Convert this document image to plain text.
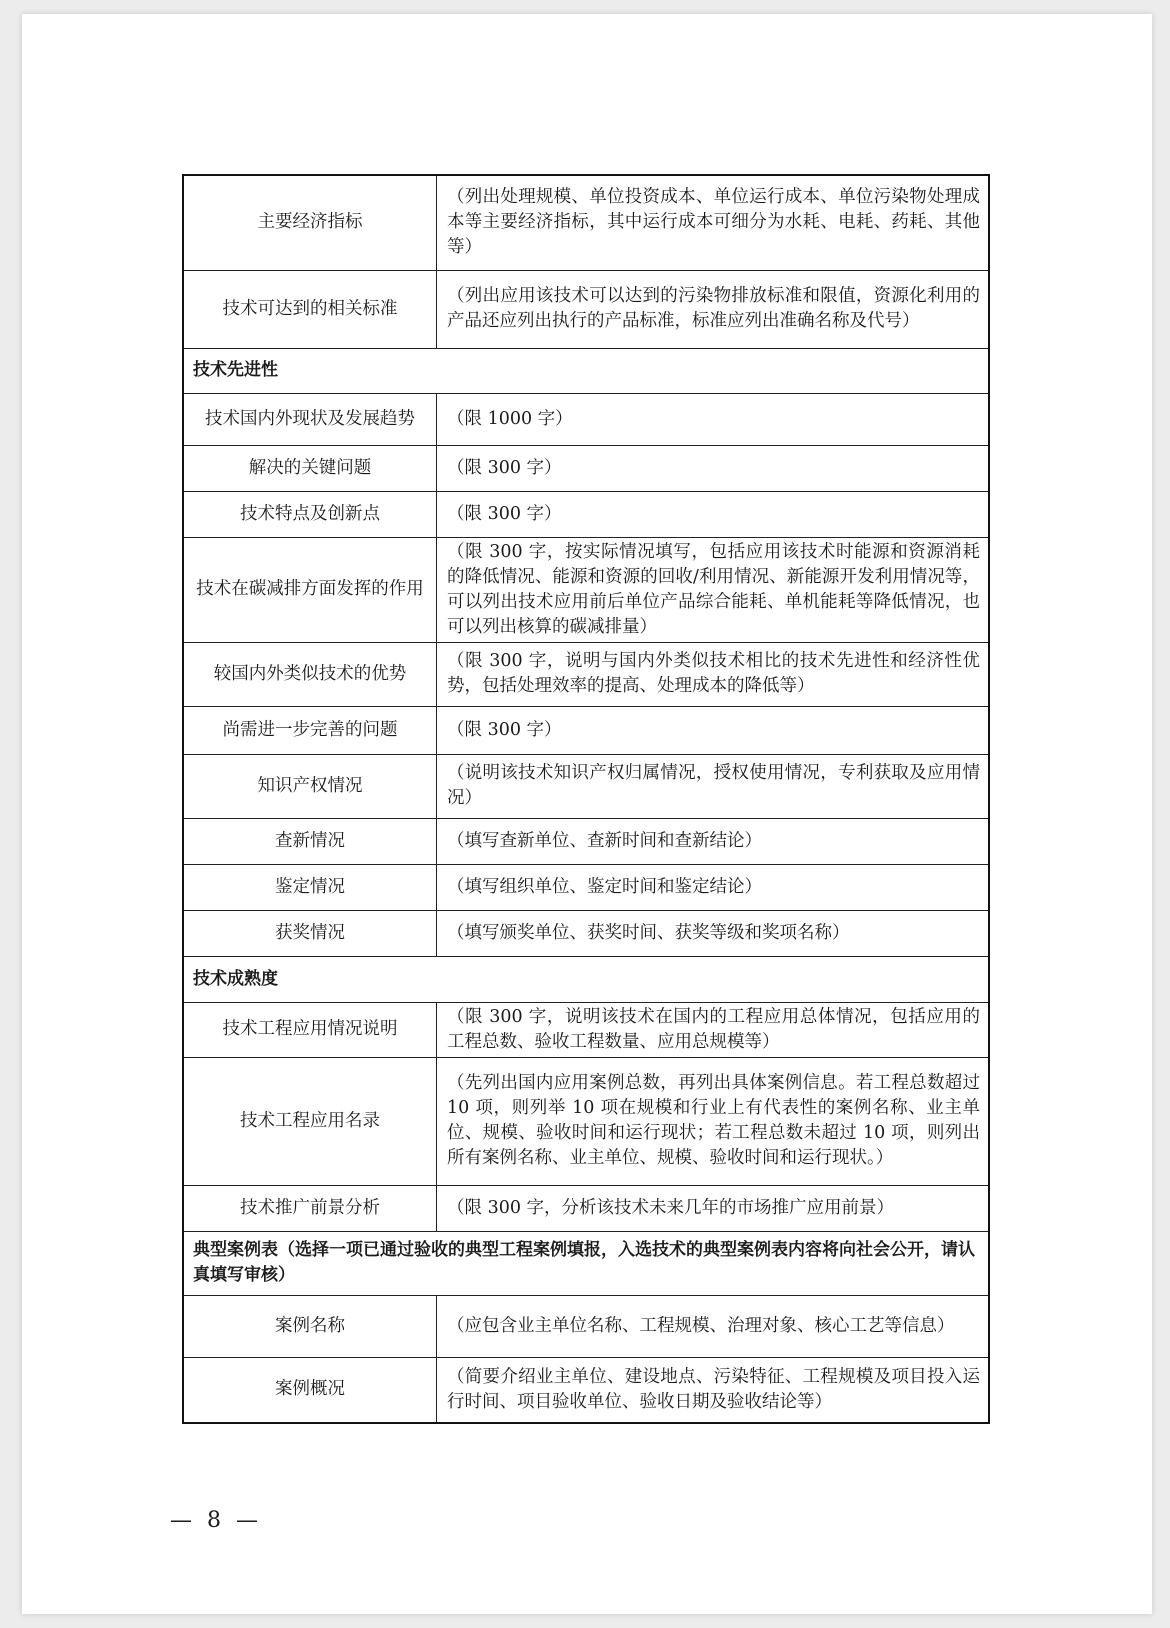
主要经济指标	（列出处理规模、单位投资成本、单位运行成本、单位污染物处理成本等主要经济指标，其中运行成本可细分为水耗、电耗、药耗、其他等）
技术可达到的相关标准	（列出应用该技术可以达到的污染物排放标准和限值，资源化利用的产品还应列出执行的产品标准，标准应列出准确名称及代号）
技术先进性	
技术国内外现状及发展趋势	（限 1000 字）
解决的关键问题	（限 300 字）
技术特点及创新点	（限 300 字）
技术在碳减排方面发挥的作用	（限 300 字，按实际情况填写，包括应用该技术时能源和资源消耗的降低情况、能源和资源的回收/利用情况、新能源开发利用情况等，可以列出技术应用前后单位产品综合能耗、单机能耗等降低情况，也可以列出核算的碳减排量）
较国内外类似技术的优势	（限 300 字，说明与国内外类似技术相比的技术先进性和经济性优势，包括处理效率的提高、处理成本的降低等）
尚需进一步完善的问题	（限 300 字）
知识产权情况	（说明该技术知识产权归属情况，授权使用情况，专利获取及应用情况）
查新情况	（填写查新单位、查新时间和查新结论）
鉴定情况	（填写组织单位、鉴定时间和鉴定结论）
获奖情况	（填写颁奖单位、获奖时间、获奖等级和奖项名称）
技术成熟度	
技术工程应用情况说明	（限 300 字，说明该技术在国内的工程应用总体情况，包括应用的工程总数、验收工程数量、应用总规模等）
技术工程应用名录	（先列出国内应用案例总数，再列出具体案例信息。若工程总数超过 10 项，则列举 10 项在规模和行业上有代表性的案例名称、业主单位、规模、验收时间和运行现状；若工程总数未超过 10 项，则列出所有案例名称、业主单位、规模、验收时间和运行现状。）
技术推广前景分析	（限 300 字，分析该技术未来几年的市场推广应用前景）
典型案例表（选择一项已通过验收的典型工程案例填报，入选技术的典型案例表内容将向社会公开，请认真填写审核）	
案例名称	（应包含业主单位名称、工程规模、治理对象、核心工艺等信息）
案例概况	（简要介绍业主单位、建设地点、污染特征、工程规模及项目投入运行时间、项目验收单位、验收日期及验收结论等）
— 8 —
